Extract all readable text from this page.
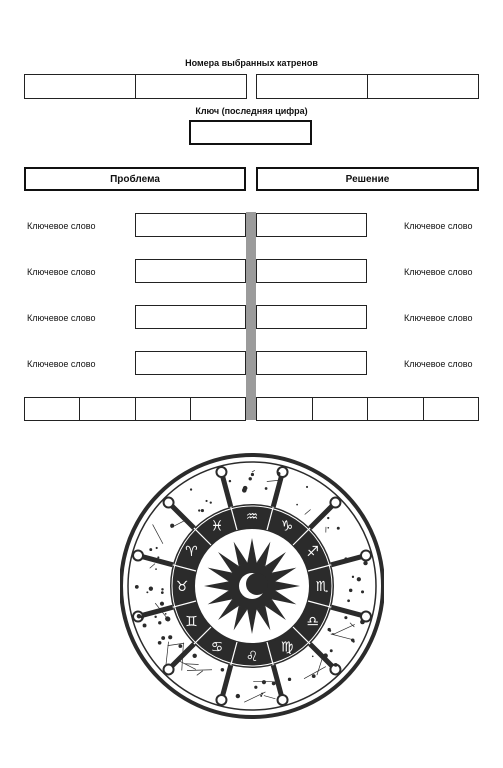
Номера выбранных катренов
Ключ (последняя цифра)
Проблема	Решение
Ключевое слово
Ключевое слово
Ключевое слово
Ключевое слово
Ключевое слово
Ключевое слово
Ключевое слово
Ключевое слово
♑
♐
♏
♎
♍
♌
♋
♊
♉
♈
♓
♒
